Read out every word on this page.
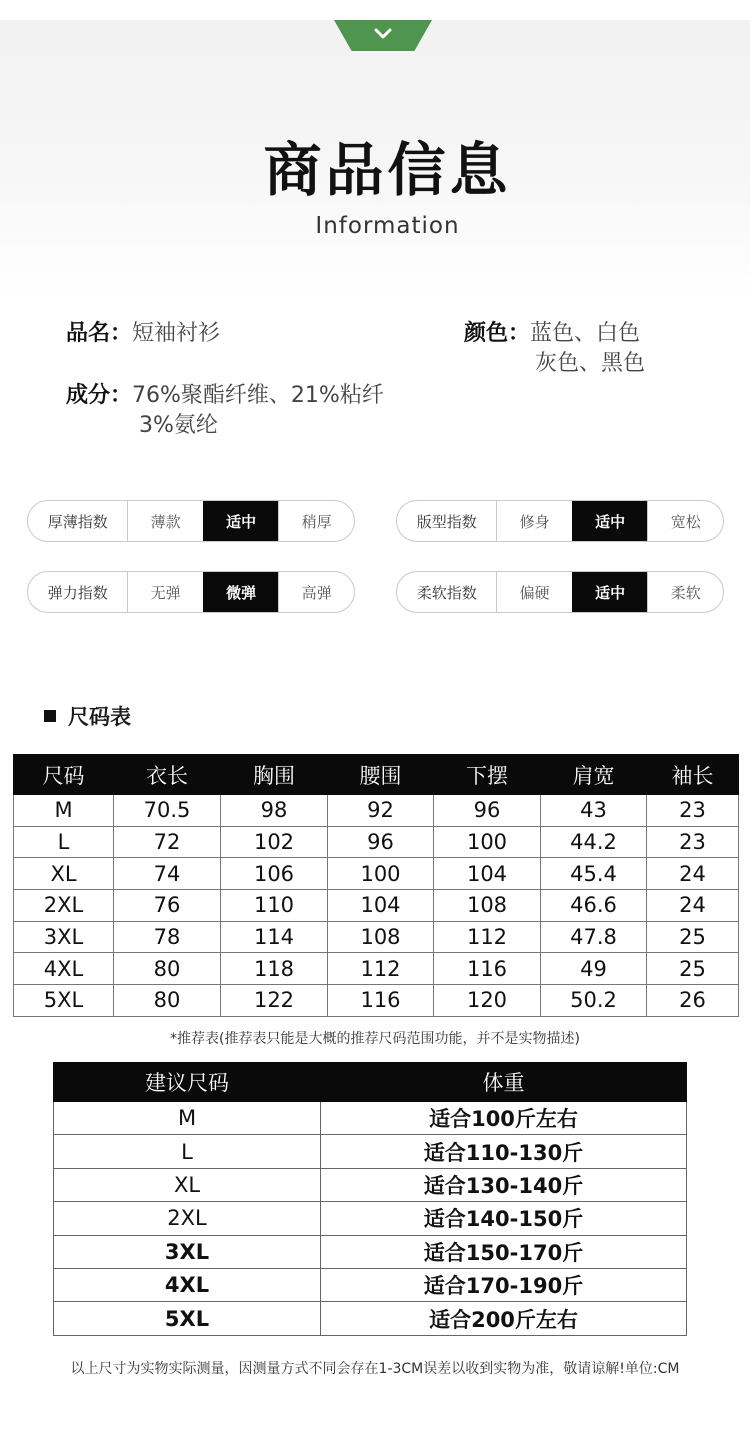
商品信息
Information
品名：短袖衬衫	颜色：蓝色、白色
灰色、黑色
成分：76%聚酯纤维、21%粘纤
3%氨纶
厚薄指数	薄款	适中	稍厚	版型指数	修身	适中	宽松
弹力指数	无弹	微弹	高弹	柔软指数	偏硬	适中	柔软
尺码表
尺码	衣长	胸围	腰围	下摆	肩宽	袖长
M	70.5	98	92	96	43	23
L	72	102	96	100	44.2	23
XL	74	106	100	104	45.4	24
2XL	76	110	104	108	46.6	24
3XL	78	114	108	112	47.8	25
4XL	80	118	112	116	49	25
5XL	80	122	116	120	50.2	26
*推荐表(推荐表只能是大概的推荐尺码范围功能，并不是实物描述)
建议尺码	体重
M	适合100斤左右
L	适合110-130斤
XL	适合130-140斤
2XL	适合140-150斤
3XL	适合150-170斤
4XL	适合170-190斤
5XL	适合200斤左右
以上尺寸为实物实际测量，因测量方式不同会存在1-3CM误差以收到实物为准，敬请谅解!单位:CM
